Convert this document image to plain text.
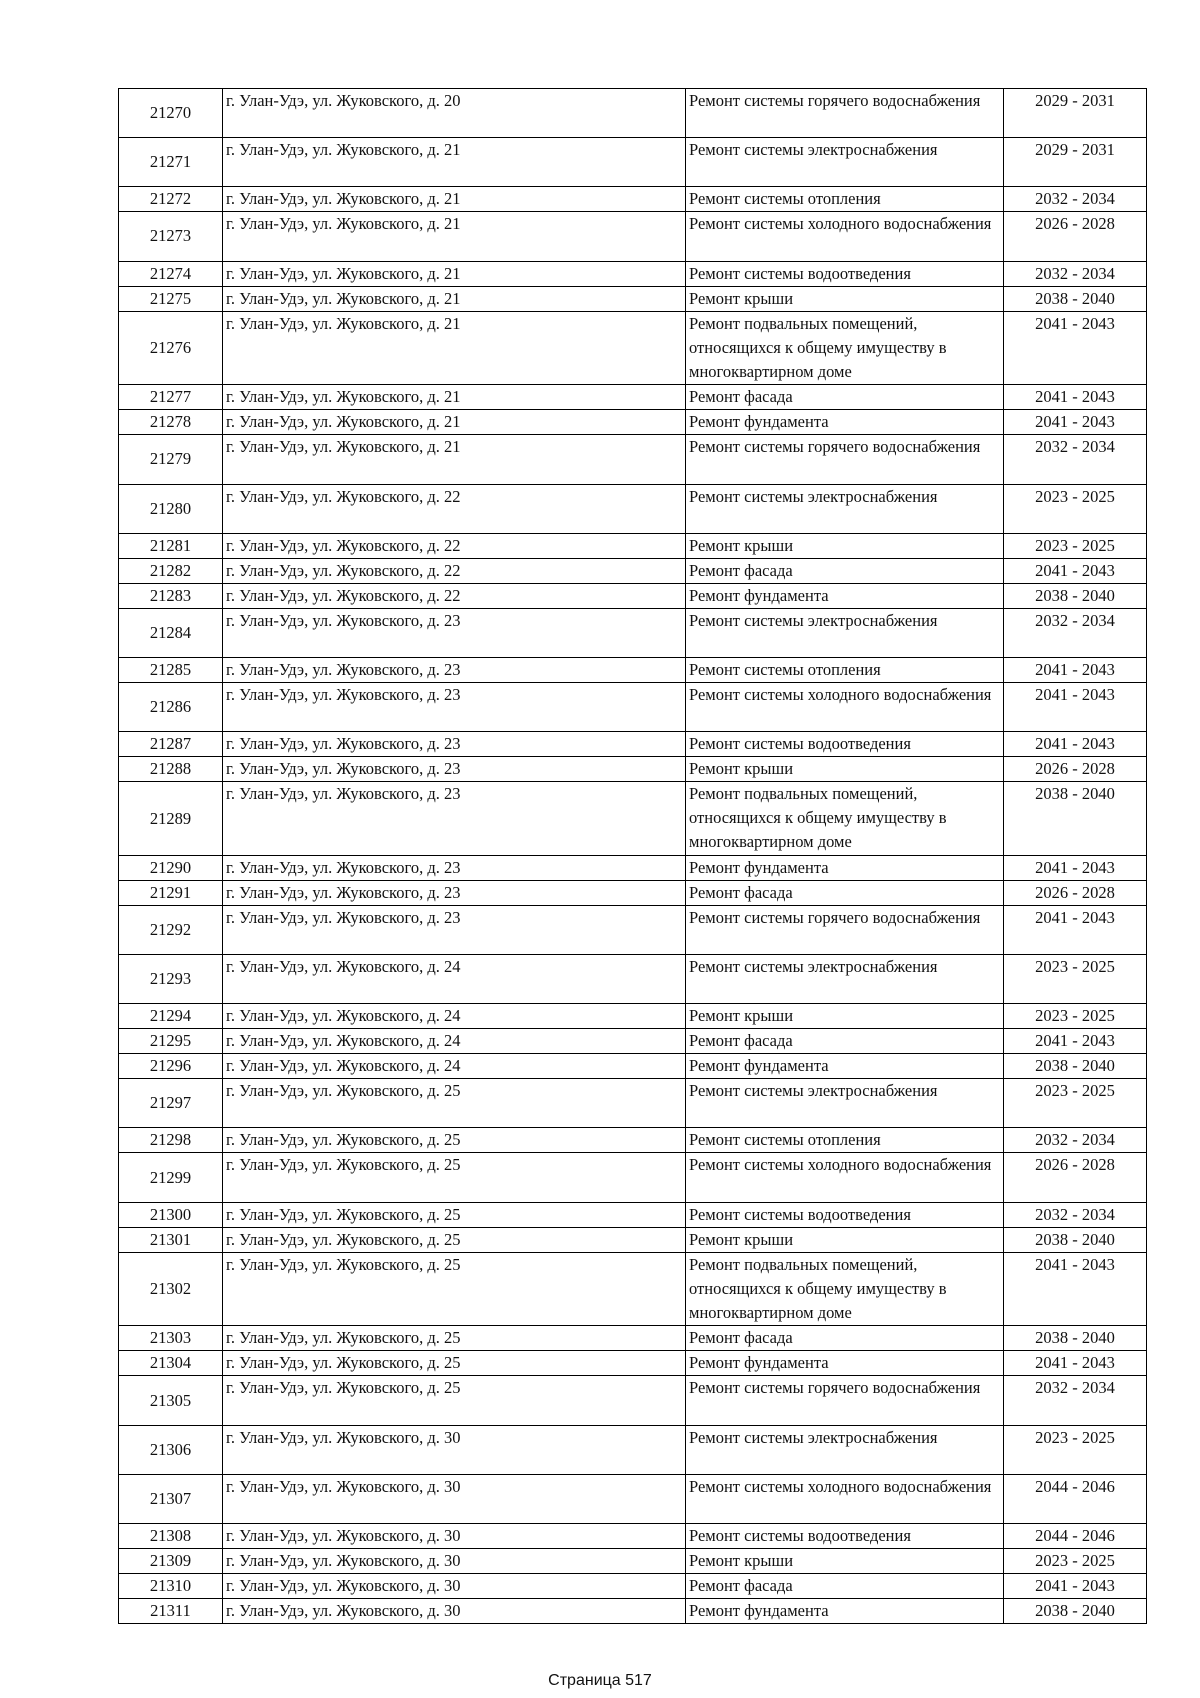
21270	г. Улан-Удэ, ул. Жуковского, д. 20	Ремонт системы горячего водоснабжения	2029 - 2031
21271	г. Улан-Удэ, ул. Жуковского, д. 21	Ремонт системы электроснабжения	2029 - 2031
21272	г. Улан-Удэ, ул. Жуковского, д. 21	Ремонт системы отопления	2032 - 2034
21273	г. Улан-Удэ, ул. Жуковского, д. 21	Ремонт системы холодного водоснабжения	2026 - 2028
21274	г. Улан-Удэ, ул. Жуковского, д. 21	Ремонт системы водоотведения	2032 - 2034
21275	г. Улан-Удэ, ул. Жуковского, д. 21	Ремонт крыши	2038 - 2040
21276	г. Улан-Удэ, ул. Жуковского, д. 21	Ремонт подвальных помещений, относящихся к общему имуществу в многоквартирном доме	2041 - 2043
21277	г. Улан-Удэ, ул. Жуковского, д. 21	Ремонт фасада	2041 - 2043
21278	г. Улан-Удэ, ул. Жуковского, д. 21	Ремонт фундамента	2041 - 2043
21279	г. Улан-Удэ, ул. Жуковского, д. 21	Ремонт системы горячего водоснабжения	2032 - 2034
21280	г. Улан-Удэ, ул. Жуковского, д. 22	Ремонт системы электроснабжения	2023 - 2025
21281	г. Улан-Удэ, ул. Жуковского, д. 22	Ремонт крыши	2023 - 2025
21282	г. Улан-Удэ, ул. Жуковского, д. 22	Ремонт фасада	2041 - 2043
21283	г. Улан-Удэ, ул. Жуковского, д. 22	Ремонт фундамента	2038 - 2040
21284	г. Улан-Удэ, ул. Жуковского, д. 23	Ремонт системы электроснабжения	2032 - 2034
21285	г. Улан-Удэ, ул. Жуковского, д. 23	Ремонт системы отопления	2041 - 2043
21286	г. Улан-Удэ, ул. Жуковского, д. 23	Ремонт системы холодного водоснабжения	2041 - 2043
21287	г. Улан-Удэ, ул. Жуковского, д. 23	Ремонт системы водоотведения	2041 - 2043
21288	г. Улан-Удэ, ул. Жуковского, д. 23	Ремонт крыши	2026 - 2028
21289	г. Улан-Удэ, ул. Жуковского, д. 23	Ремонт подвальных помещений, относящихся к общему имуществу в многоквартирном доме	2038 - 2040
21290	г. Улан-Удэ, ул. Жуковского, д. 23	Ремонт фундамента	2041 - 2043
21291	г. Улан-Удэ, ул. Жуковского, д. 23	Ремонт фасада	2026 - 2028
21292	г. Улан-Удэ, ул. Жуковского, д. 23	Ремонт системы горячего водоснабжения	2041 - 2043
21293	г. Улан-Удэ, ул. Жуковского, д. 24	Ремонт системы электроснабжения	2023 - 2025
21294	г. Улан-Удэ, ул. Жуковского, д. 24	Ремонт крыши	2023 - 2025
21295	г. Улан-Удэ, ул. Жуковского, д. 24	Ремонт фасада	2041 - 2043
21296	г. Улан-Удэ, ул. Жуковского, д. 24	Ремонт фундамента	2038 - 2040
21297	г. Улан-Удэ, ул. Жуковского, д. 25	Ремонт системы электроснабжения	2023 - 2025
21298	г. Улан-Удэ, ул. Жуковского, д. 25	Ремонт системы отопления	2032 - 2034
21299	г. Улан-Удэ, ул. Жуковского, д. 25	Ремонт системы холодного водоснабжения	2026 - 2028
21300	г. Улан-Удэ, ул. Жуковского, д. 25	Ремонт системы водоотведения	2032 - 2034
21301	г. Улан-Удэ, ул. Жуковского, д. 25	Ремонт крыши	2038 - 2040
21302	г. Улан-Удэ, ул. Жуковского, д. 25	Ремонт подвальных помещений, относящихся к общему имуществу в многоквартирном доме	2041 - 2043
21303	г. Улан-Удэ, ул. Жуковского, д. 25	Ремонт фасада	2038 - 2040
21304	г. Улан-Удэ, ул. Жуковского, д. 25	Ремонт фундамента	2041 - 2043
21305	г. Улан-Удэ, ул. Жуковского, д. 25	Ремонт системы горячего водоснабжения	2032 - 2034
21306	г. Улан-Удэ, ул. Жуковского, д. 30	Ремонт системы электроснабжения	2023 - 2025
21307	г. Улан-Удэ, ул. Жуковского, д. 30	Ремонт системы холодного водоснабжения	2044 - 2046
21308	г. Улан-Удэ, ул. Жуковского, д. 30	Ремонт системы водоотведения	2044 - 2046
21309	г. Улан-Удэ, ул. Жуковского, д. 30	Ремонт крыши	2023 - 2025
21310	г. Улан-Удэ, ул. Жуковского, д. 30	Ремонт фасада	2041 - 2043
21311	г. Улан-Удэ, ул. Жуковского, д. 30	Ремонт фундамента	2038 - 2040
Страница 517
